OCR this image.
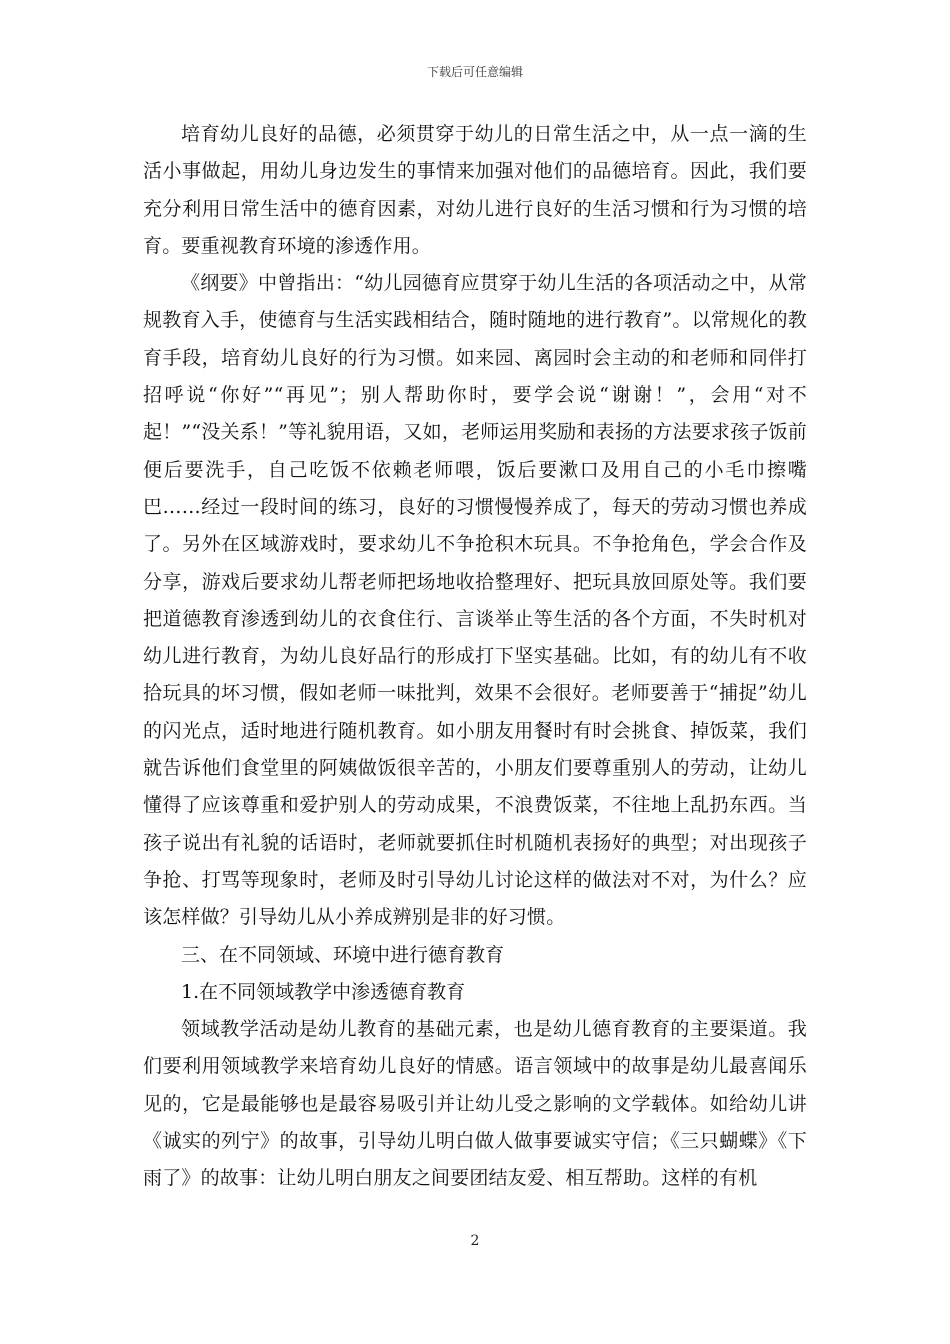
下载后可任意编辑

培育幼儿良好的品德，必须贯穿于幼儿的日常生活之中，从一点一滴的生活小事做起，用幼儿身边发生的事情来加强对他们的品德培育。因此，我们要充分利用日常生活中的德育因素，对幼儿进行良好的生活习惯和行为习惯的培育。要重视教育环境的渗透作用。

《纲要》中曾指出：“幼儿园德育应贯穿于幼儿生活的各项活动之中，从常规教育入手，使德育与生活实践相结合，随时随地的进行教育”。以常规化的教育手段，培育幼儿良好的行为习惯。如来园、离园时会主动的和老师和同伴打招呼说“你好”“再见”；别人帮助你时，要学会说“谢谢！”，会用“对不起！”“没关系！”等礼貌用语，又如，老师运用奖励和表扬的方法要求孩子饭前便后要洗手，自己吃饭不依赖老师喂，饭后要漱口及用自己的小毛巾擦嘴巴……经过一段时间的练习，良好的习惯慢慢养成了，每天的劳动习惯也养成了。另外在区域游戏时，要求幼儿不争抢积木玩具。不争抢角色，学会合作及分享，游戏后要求幼儿帮老师把场地收拾整理好、把玩具放回原处等。我们要把道德教育渗透到幼儿的衣食住行、言谈举止等生活的各个方面，不失时机对幼儿进行教育，为幼儿良好品行的形成打下坚实基础。比如，有的幼儿有不收拾玩具的坏习惯，假如老师一味批判，效果不会很好。老师要善于“捕捉”幼儿的闪光点，适时地进行随机教育。如小朋友用餐时有时会挑食、掉饭菜，我们就告诉他们食堂里的阿姨做饭很辛苦的，小朋友们要尊重别人的劳动，让幼儿懂得了应该尊重和爱护别人的劳动成果，不浪费饭菜，不往地上乱扔东西。当孩子说出有礼貌的话语时，老师就要抓住时机随机表扬好的典型；对出现孩子争抢、打骂等现象时，老师及时引导幼儿讨论这样的做法对不对，为什么？应该怎样做？引导幼儿从小养成辨别是非的好习惯。

三、在不同领域、环境中进行德育教育

1.在不同领域教学中渗透德育教育

领域教学活动是幼儿教育的基础元素，也是幼儿德育教育的主要渠道。我们要利用领域教学来培育幼儿良好的情感。语言领域中的故事是幼儿最喜闻乐见的，它是最能够也是最容易吸引并让幼儿受之影响的文学载体。如给幼儿讲《诚实的列宁》的故事，引导幼儿明白做人做事要诚实守信；《三只蝴蝶》《下雨了》的故事：让幼儿明白朋友之间要团结友爱、相互帮助。这样的有机

2
